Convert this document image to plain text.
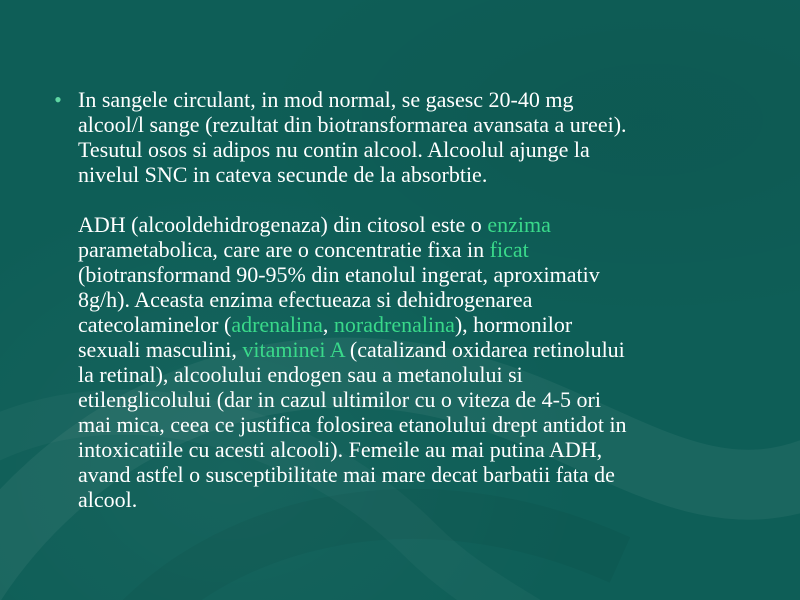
• In sangele circulant, in mod normal, se gasesc 20-40 mg
alcool/l sange (rezultat din biotransformarea avansata a ureei).
Tesutul osos si adipos nu contin alcool. Alcoolul ajunge la
nivelul SNC in cateva secunde de la absorbtie.

ADH (alcooldehidrogenaza) din citosol este o enzima
parametabolica, care are o concentratie fixa in ficat
(biotransformand 90-95% din etanolul ingerat, aproximativ
8g/h). Aceasta enzima efectueaza si dehidrogenarea
catecolaminelor (adrenalina, noradrenalina), hormonilor
sexuali masculini, vitaminei A (catalizand oxidarea retinolului
la retinal), alcoolului endogen sau a metanolului si
etilenglicolului (dar in cazul ultimilor cu o viteza de 4-5 ori
mai mica, ceea ce justifica folosirea etanolului drept antidot in
intoxicatiile cu acesti alcooli). Femeile au mai putina ADH,
avand astfel o susceptibilitate mai mare decat barbatii fata de
alcool.
